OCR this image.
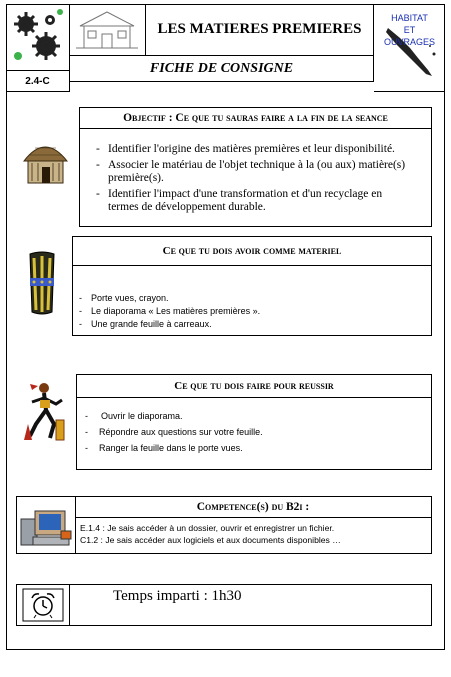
2.4-C
LES MATIERES PREMIERES
FICHE DE CONSIGNE
HABITAT
ET
OUVRAGES
Objectif : Ce que tu sauras faire a la fin de la seance
- Identifier l'origine des matières premières et leur disponibilité.
- Associer le matériau de l'objet technique à la (ou aux) matière(s) première(s).
- Identifier l'impact d'une transformation et d'un recyclage en termes de développement durable.
Ce que tu dois avoir comme materiel
- Porte vues, crayon.
- Le diaporama « Les matières premières ».
- Une grande feuille à carreaux.
Ce que tu dois faire pour reussir
- Ouvrir le diaporama.
- Répondre aux questions sur votre feuille.
- Ranger la feuille dans le porte vues.
Competence(s) du B2i :
E.1.4 : Je sais accéder à un dossier, ouvrir et enregistrer un fichier.
C1.2 : Je sais accéder aux logiciels et aux documents disponibles …
Temps imparti : 1h30
